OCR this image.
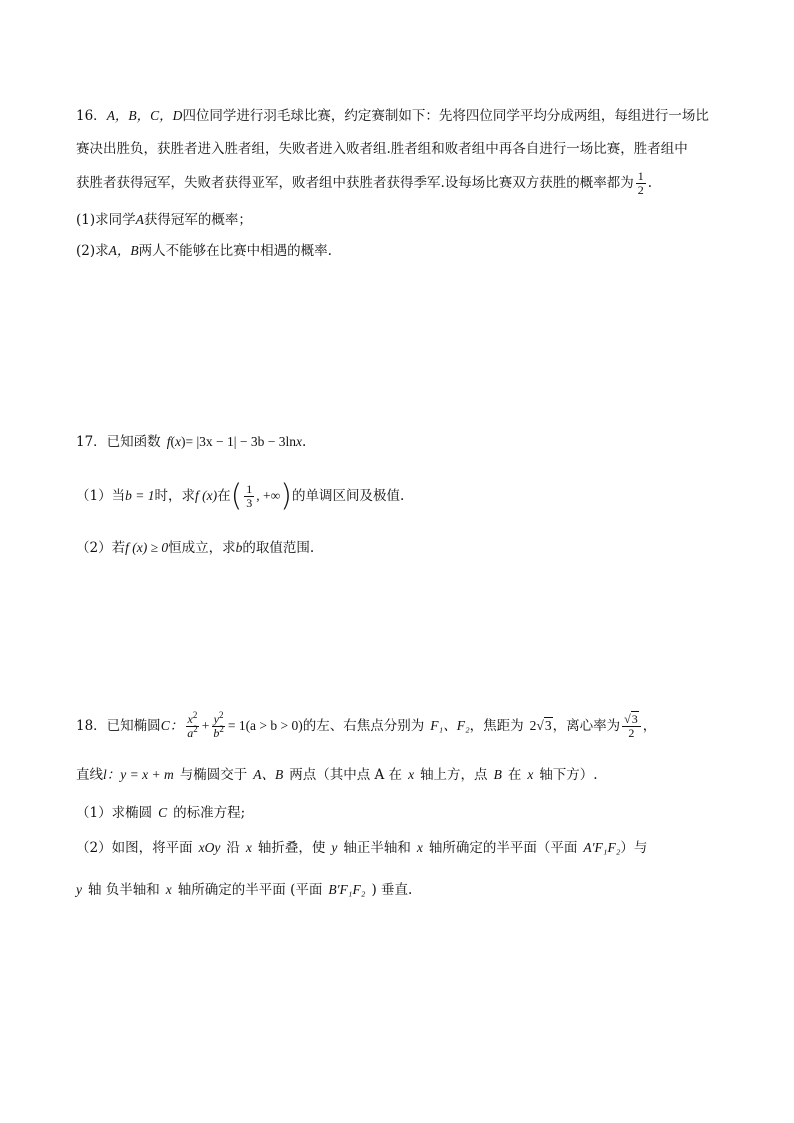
16．A，B，C，D四位同学进行羽毛球比赛，约定赛制如下：先将四位同学平均分成两组，每组进行一场比
赛决出胜负，获胜者进入胜者组，失败者进入败者组.胜者组和败者组中再各自进行一场比赛，胜者组中
获胜者获得冠军，失败者获得亚军，败者组中获胜者获得季军.设每场比赛双方获胜的概率都为 $\frac{1}{2}$ .
(1)求同学A获得冠军的概率；
(2)求A，B两人不能够在比赛中相遇的概率.
17．已知函数 f(x)= |3x − 1| − 3b − 3lnx.
（1）当b = 1时，求f (x)在( $\frac{1}{3}$ , +∞)的单调区间及极值.
（2）若f (x) ≥ 0恒成立，求b的取值范围.
18．已知椭圆C： $\frac{x^2}{a^2} + \frac{y^2}{b^2} = 1(a > b > 0)$的左、右焦点分别为 F₁、F₂，焦距为 2√3，离心率为 $\frac{√3}{2}$ ，
直线l：y = x + m 与椭圆交于 A、B 两点（其中点 A 在 x 轴上方，点 B 在 x 轴下方）.
（1）求椭圆 C 的标准方程;
（2）如图，将平面 xOy 沿 x 轴折叠，使 y 轴正半轴和 x 轴所确定的半平面（平面 A′F₁F₂）与
y 轴 负半轴和 x 轴所确定的半平面 (平面 B′F₁F₂ ) 垂直.
